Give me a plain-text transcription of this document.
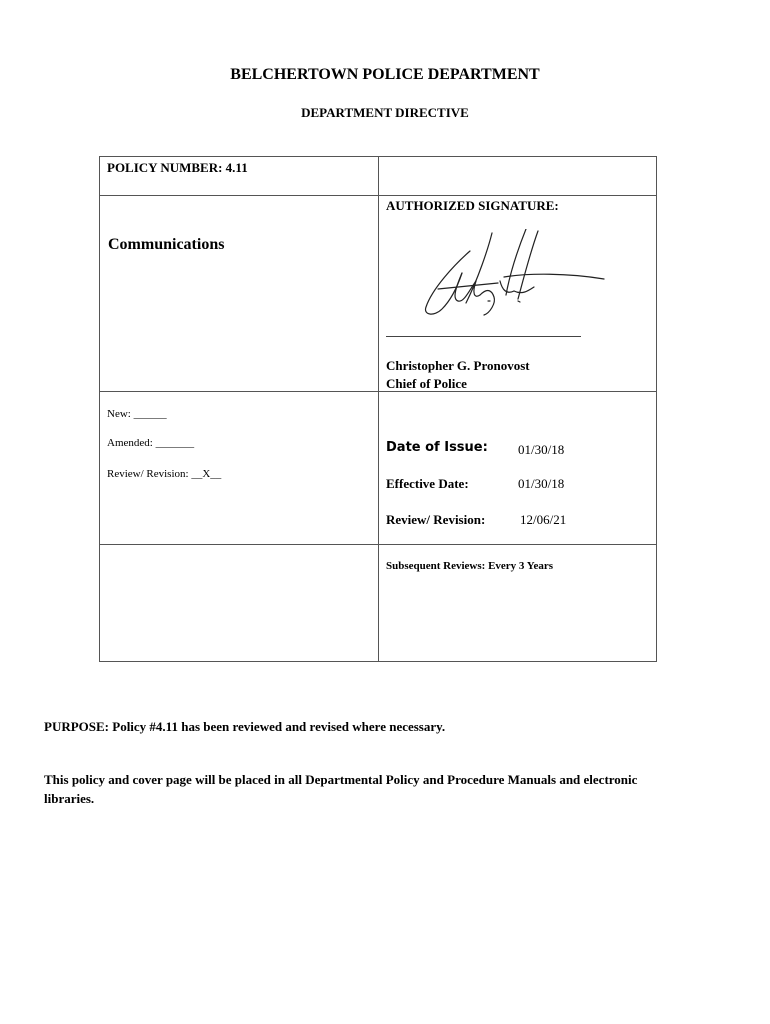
BELCHERTOWN POLICE DEPARTMENT
DEPARTMENT DIRECTIVE
POLICY NUMBER: 4.11
AUTHORIZED SIGNATURE:
Communications
Christopher G. Pronovost
Chief of Police
New: ______
Amended: _______
Review/ Revision: __X__
Date of Issue: 01/30/18
Effective Date:	01/30/18
Review/ Revision:	12/06/21
Subsequent Reviews: Every 3 Years
PURPOSE: Policy #4.11 has been reviewed and revised where necessary.
This policy and cover page will be placed in all Departmental Policy and Procedure Manuals and electronic libraries.
